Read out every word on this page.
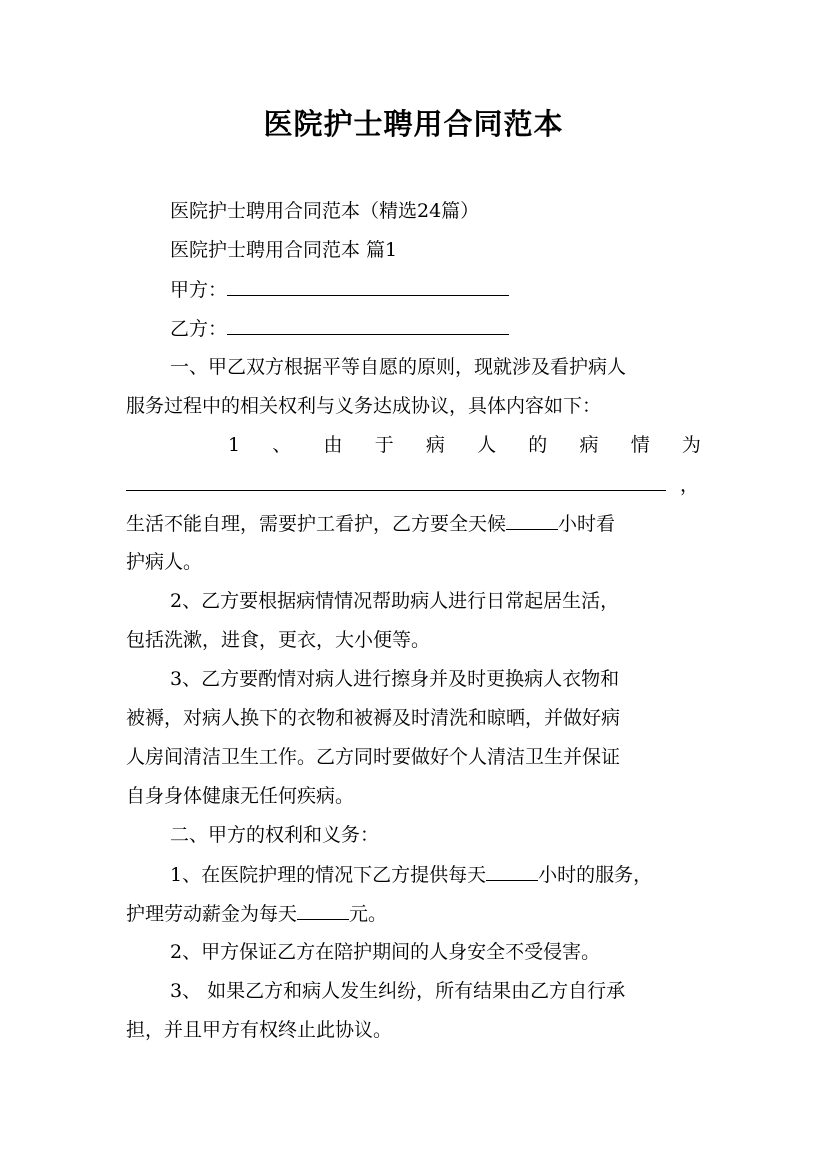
医院护士聘用合同范本
医院护士聘用合同范本（精选24篇）
医院护士聘用合同范本 篇1
甲方：
乙方：
一、甲乙双方根据平等自愿的原则，现就涉及看护病人
服务过程中的相关权利与义务达成协议，具体内容如下：
1 、 由 于 病 人 的 病 情 为
，
生活不能自理，需要护工看护，乙方要全天候	小时看
护病人。
2、乙方要根据病情情况帮助病人进行日常起居生活，
包括洗漱，进食，更衣，大小便等。
3、乙方要酌情对病人进行擦身并及时更换病人衣物和
被褥，对病人换下的衣物和被褥及时清洗和晾晒，并做好病
人房间清洁卫生工作。乙方同时要做好个人清洁卫生并保证
自身身体健康无任何疾病。
二、甲方的权利和义务：
1、在医院护理的情况下乙方提供每天	小时的服务，
护理劳动薪金为每天	元。
2、甲方保证乙方在陪护期间的人身安全不受侵害。
3、 如果乙方和病人发生纠纷，所有结果由乙方自行承
担，并且甲方有权终止此协议。
